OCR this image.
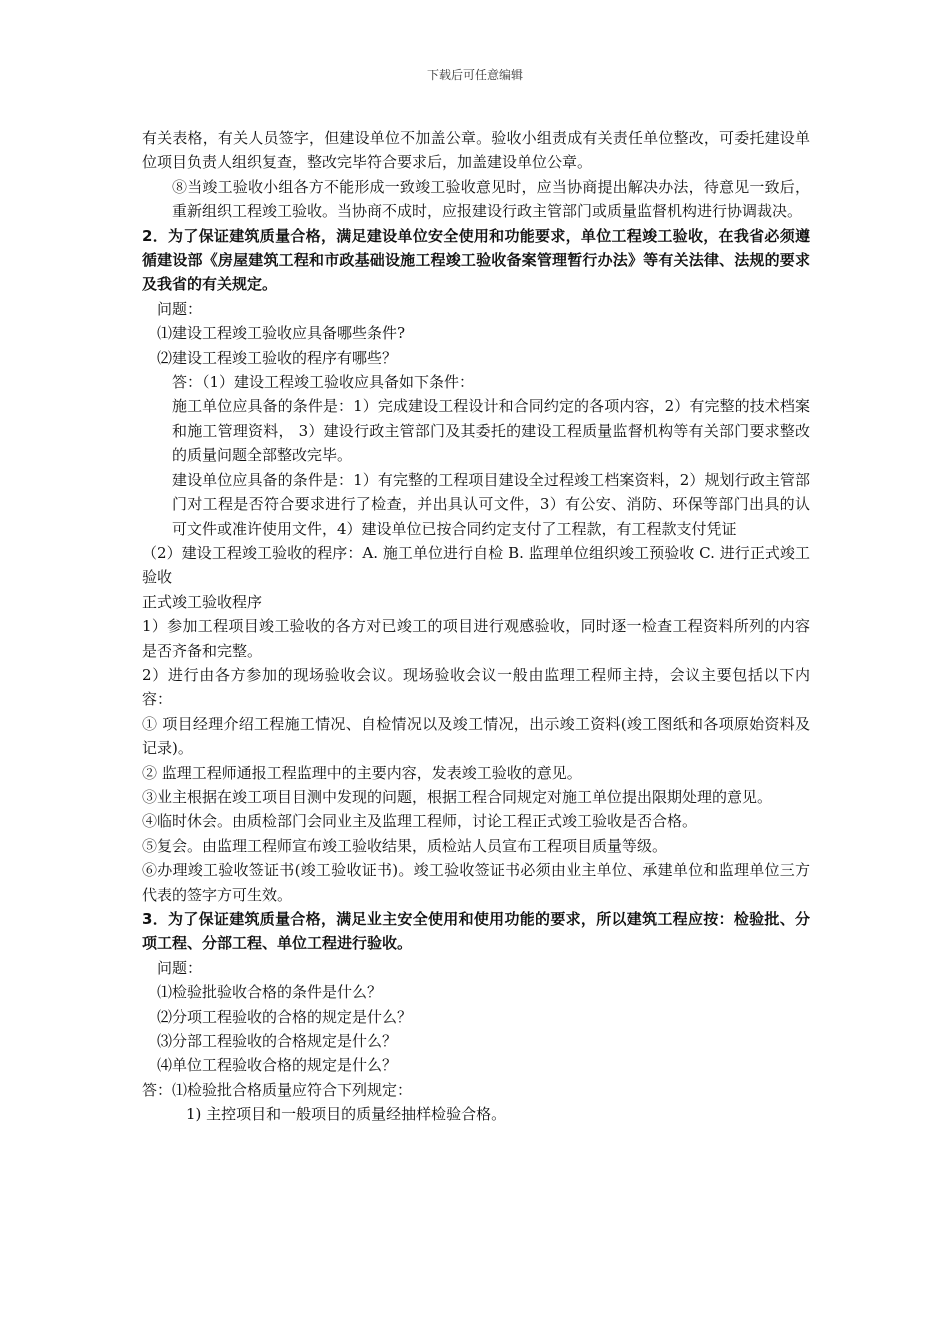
下载后可任意编辑

有关表格，有关人员签字，但建设单位不加盖公章。验收小组责成有关责任单位整改，可委托建设单位项目负责人组织复查，整改完毕符合要求后，加盖建设单位公章。

⑧当竣工验收小组各方不能形成一致竣工验收意见时，应当协商提出解决办法，待意见一致后，重新组织工程竣工验收。当协商不成时，应报建设行政主管部门或质量监督机构进行协调裁决。

2．为了保证建筑质量合格，满足建设单位安全使用和功能要求，单位工程竣工验收，在我省必须遵循建设部《房屋建筑工程和市政基础设施工程竣工验收备案管理暂行办法》等有关法律、法规的要求及我省的有关规定。

问题：

⑴建设工程竣工验收应具备哪些条件?

⑵建设工程竣工验收的程序有哪些？

答：（1）建设工程竣工验收应具备如下条件：

施工单位应具备的条件是：1）完成建设工程设计和合同约定的各项内容，2）有完整的技术档案和施工管理资料， 3）建设行政主管部门及其委托的建设工程质量监督机构等有关部门要求整改的质量问题全部整改完毕。

建设单位应具备的条件是：1）有完整的工程项目建设全过程竣工档案资料，2）规划行政主管部门对工程是否符合要求进行了检查，并出具认可文件，3）有公安、消防、环保等部门出具的认可文件或准许使用文件，4）建设单位已按合同约定支付了工程款，有工程款支付凭证

（2）建设工程竣工验收的程序：A. 施工单位进行自检 B. 监理单位组织竣工预验收 C. 进行正式竣工验收

正式竣工验收程序

1）参加工程项目竣工验收的各方对已竣工的项目进行观感验收，同时逐一检查工程资料所列的内容是否齐备和完整。

2）进行由各方参加的现场验收会议。现场验收会议一般由监理工程师主持，会议主要包括以下内容：

① 项目经理介绍工程施工情况、自检情况以及竣工情况，出示竣工资料(竣工图纸和各项原始资料及记录)。

② 监理工程师通报工程监理中的主要内容，发表竣工验收的意见。

③业主根据在竣工项目目测中发现的问题，根据工程合同规定对施工单位提出限期处理的意见。

④临时休会。由质检部门会同业主及监理工程师，讨论工程正式竣工验收是否合格。

⑤复会。由监理工程师宣布竣工验收结果，质检站人员宣布工程项目质量等级。

⑥办理竣工验收签证书(竣工验收证书)。竣工验收签证书必须由业主单位、承建单位和监理单位三方代表的签字方可生效。

3．为了保证建筑质量合格，满足业主安全使用和使用功能的要求，所以建筑工程应按：检验批、分项工程、分部工程、单位工程进行验收。

问题：

⑴检验批验收合格的条件是什么？

⑵分项工程验收的合格的规定是什么？

⑶分部工程验收的合格规定是什么？

⑷单位工程验收合格的规定是什么？

答：⑴检验批合格质量应符合下列规定：

1) 主控项目和一般项目的质量经抽样检验合格。
